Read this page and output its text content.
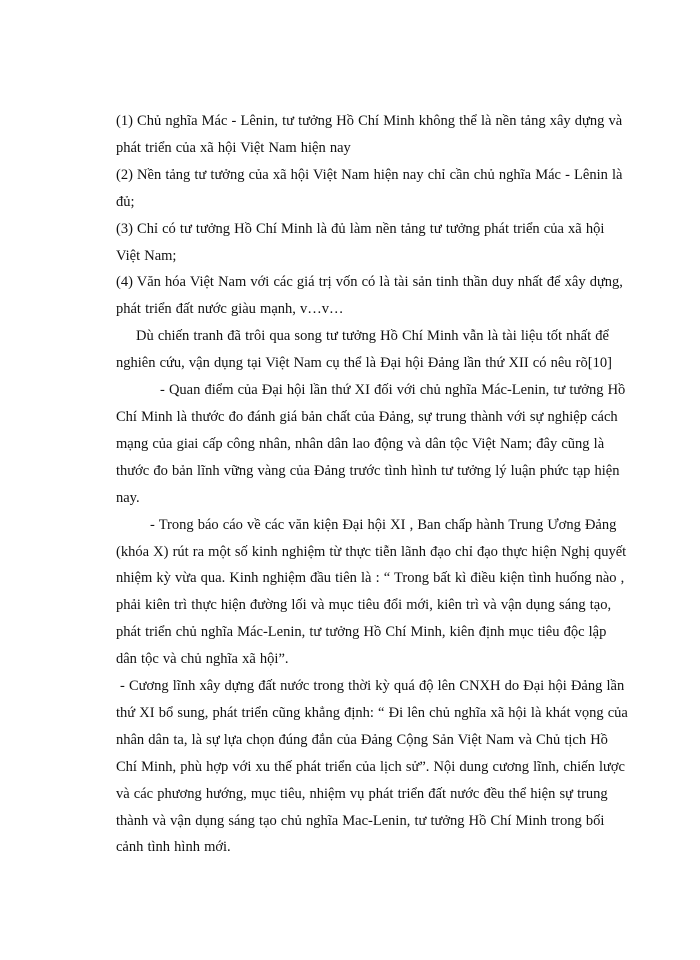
(1) Chủ nghĩa Mác - Lênin, tư tưởng Hồ Chí Minh không thể là nền tảng xây dựng và phát triển của xã hội Việt Nam hiện nay

(2) Nền tảng tư tưởng của xã hội Việt Nam hiện nay chỉ cần chủ nghĩa Mác - Lênin là đủ;

(3) Chỉ có tư tưởng Hồ Chí Minh là đủ làm nền tảng tư tưởng phát triển của xã hội Việt Nam;

(4) Văn hóa Việt Nam với các giá trị vốn có là tài sản tinh thần duy nhất để xây dựng, phát triển đất nước giàu mạnh, v…v…

Dù chiến tranh đã trôi qua song tư tưởng Hồ Chí Minh vẫn là tài liệu tốt nhất để nghiên cứu, vận dụng tại Việt Nam cụ thể là Đại hội Đảng lần thứ XII có nêu rõ[10]

- Quan điểm của Đại hội lần thứ XI đối với chủ nghĩa Mác-Lenin, tư tưởng Hồ Chí Minh là thước đo đánh giá bản chất của Đảng, sự trung thành với sự nghiệp cách mạng của giai cấp công nhân, nhân dân lao động và dân tộc Việt Nam; đây cũng là thước đo bản lĩnh vững vàng của Đảng trước tình hình tư tưởng lý luận phức tạp hiện nay.

- Trong báo cáo về các văn kiện Đại hội XI , Ban chấp hành Trung Ương Đảng (khóa X) rút ra một số kinh nghiệm từ thực tiễn lãnh đạo chỉ đạo thực hiện Nghị quyết nhiệm kỳ vừa qua. Kinh nghiệm đầu tiên là : “ Trong bất kì điều kiện tình huống nào , phải kiên trì thực hiện đường lối và mục tiêu đổi mới, kiên trì và vận dụng sáng tạo, phát triển chủ nghĩa Mác-Lenin, tư tưởng Hồ Chí Minh, kiên định mục tiêu độc lập dân tộc và chủ nghĩa xã hội”.

- Cương lĩnh xây dựng đất nước trong thời kỳ quá độ lên CNXH do Đại hội Đảng lần thứ XI bổ sung, phát triển cũng khẳng định: “ Đi lên chủ nghĩa xã hội là khát vọng của nhân dân ta, là sự lựa chọn đúng đắn của Đảng Cộng Sản Việt Nam và Chủ tịch Hồ Chí Minh, phù hợp với xu thế phát triển của lịch sử”. Nội dung cương lĩnh, chiến lược và các phương hướng, mục tiêu, nhiệm vụ phát triển đất nước đều thể hiện sự trung thành và vận dụng sáng tạo chủ nghĩa Mac-Lenin, tư tưởng Hồ Chí Minh trong bối cảnh tình hình mới.
